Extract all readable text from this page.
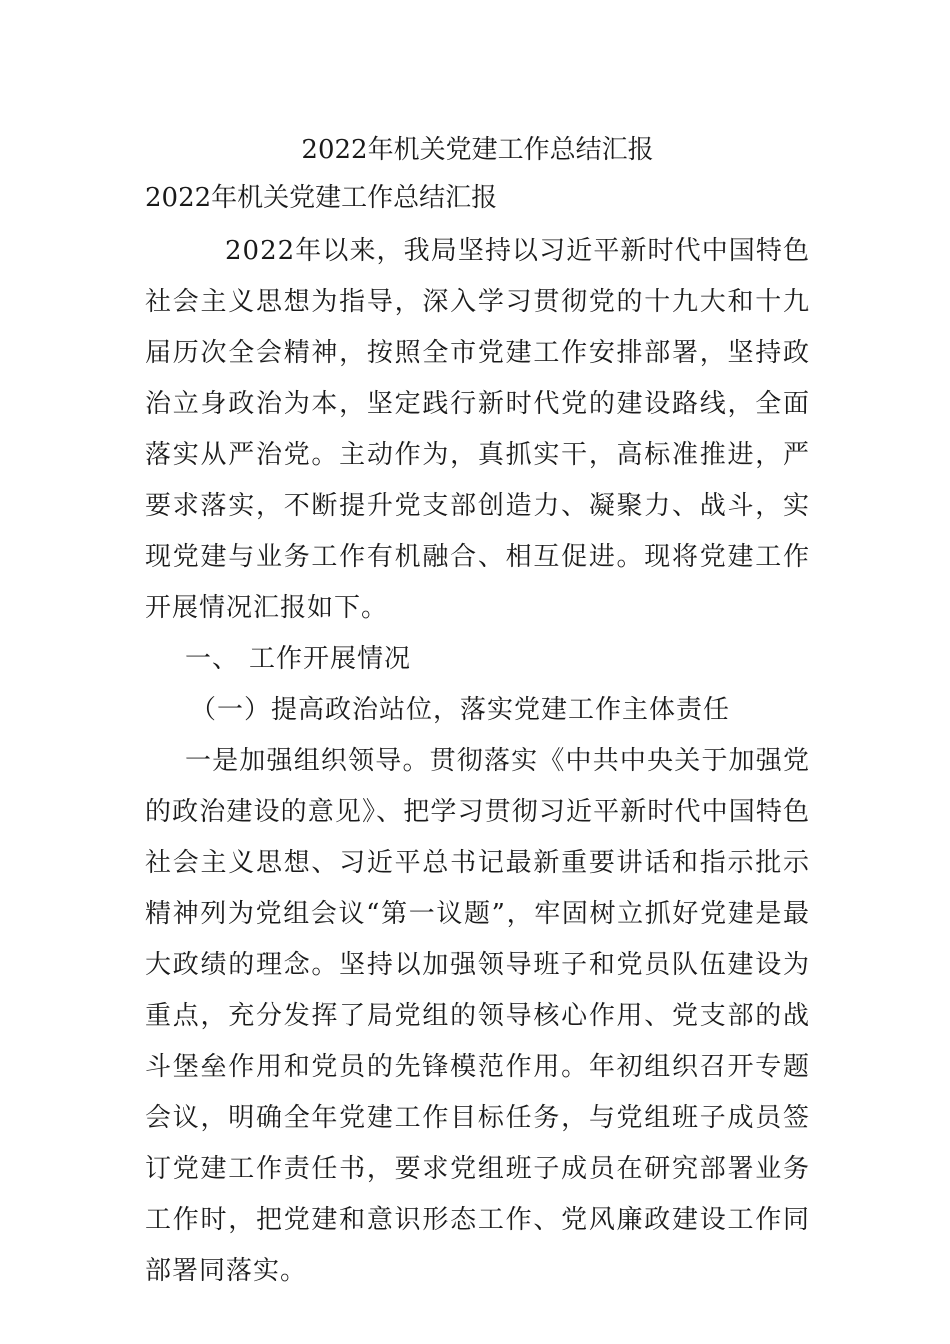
2022年机关党建工作总结汇报

2022年机关党建工作总结汇报

2022年以来，我局坚持以习近平新时代中国特色社会主义思想为指导，深入学习贯彻党的十九大和十九届历次全会精神，按照全市党建工作安排部署，坚持政治立身政治为本，坚定践行新时代党的建设路线，全面落实从严治党。主动作为，真抓实干，高标准推进，严要求落实，不断提升党支部创造力、凝聚力、战斗，实现党建与业务工作有机融合、相互促进。现将党建工作开展情况汇报如下。

一、 工作开展情况

（一）提高政治站位，落实党建工作主体责任

一是加强组织领导。贯彻落实《中共中央关于加强党的政治建设的意见》、把学习贯彻习近平新时代中国特色社会主义思想、习近平总书记最新重要讲话和指示批示精神列为党组会议“第一议题”，牢固树立抓好党建是最大政绩的理念。坚持以加强领导班子和党员队伍建设为重点，充分发挥了局党组的领导核心作用、党支部的战斗堡垒作用和党员的先锋模范作用。年初组织召开专题会议，明确全年党建工作目标任务，与党组班子成员签订党建工作责任书，要求党组班子成员在研究部署业务工作时，把党建和意识形态工作、党风廉政建设工作同部署同落实。
